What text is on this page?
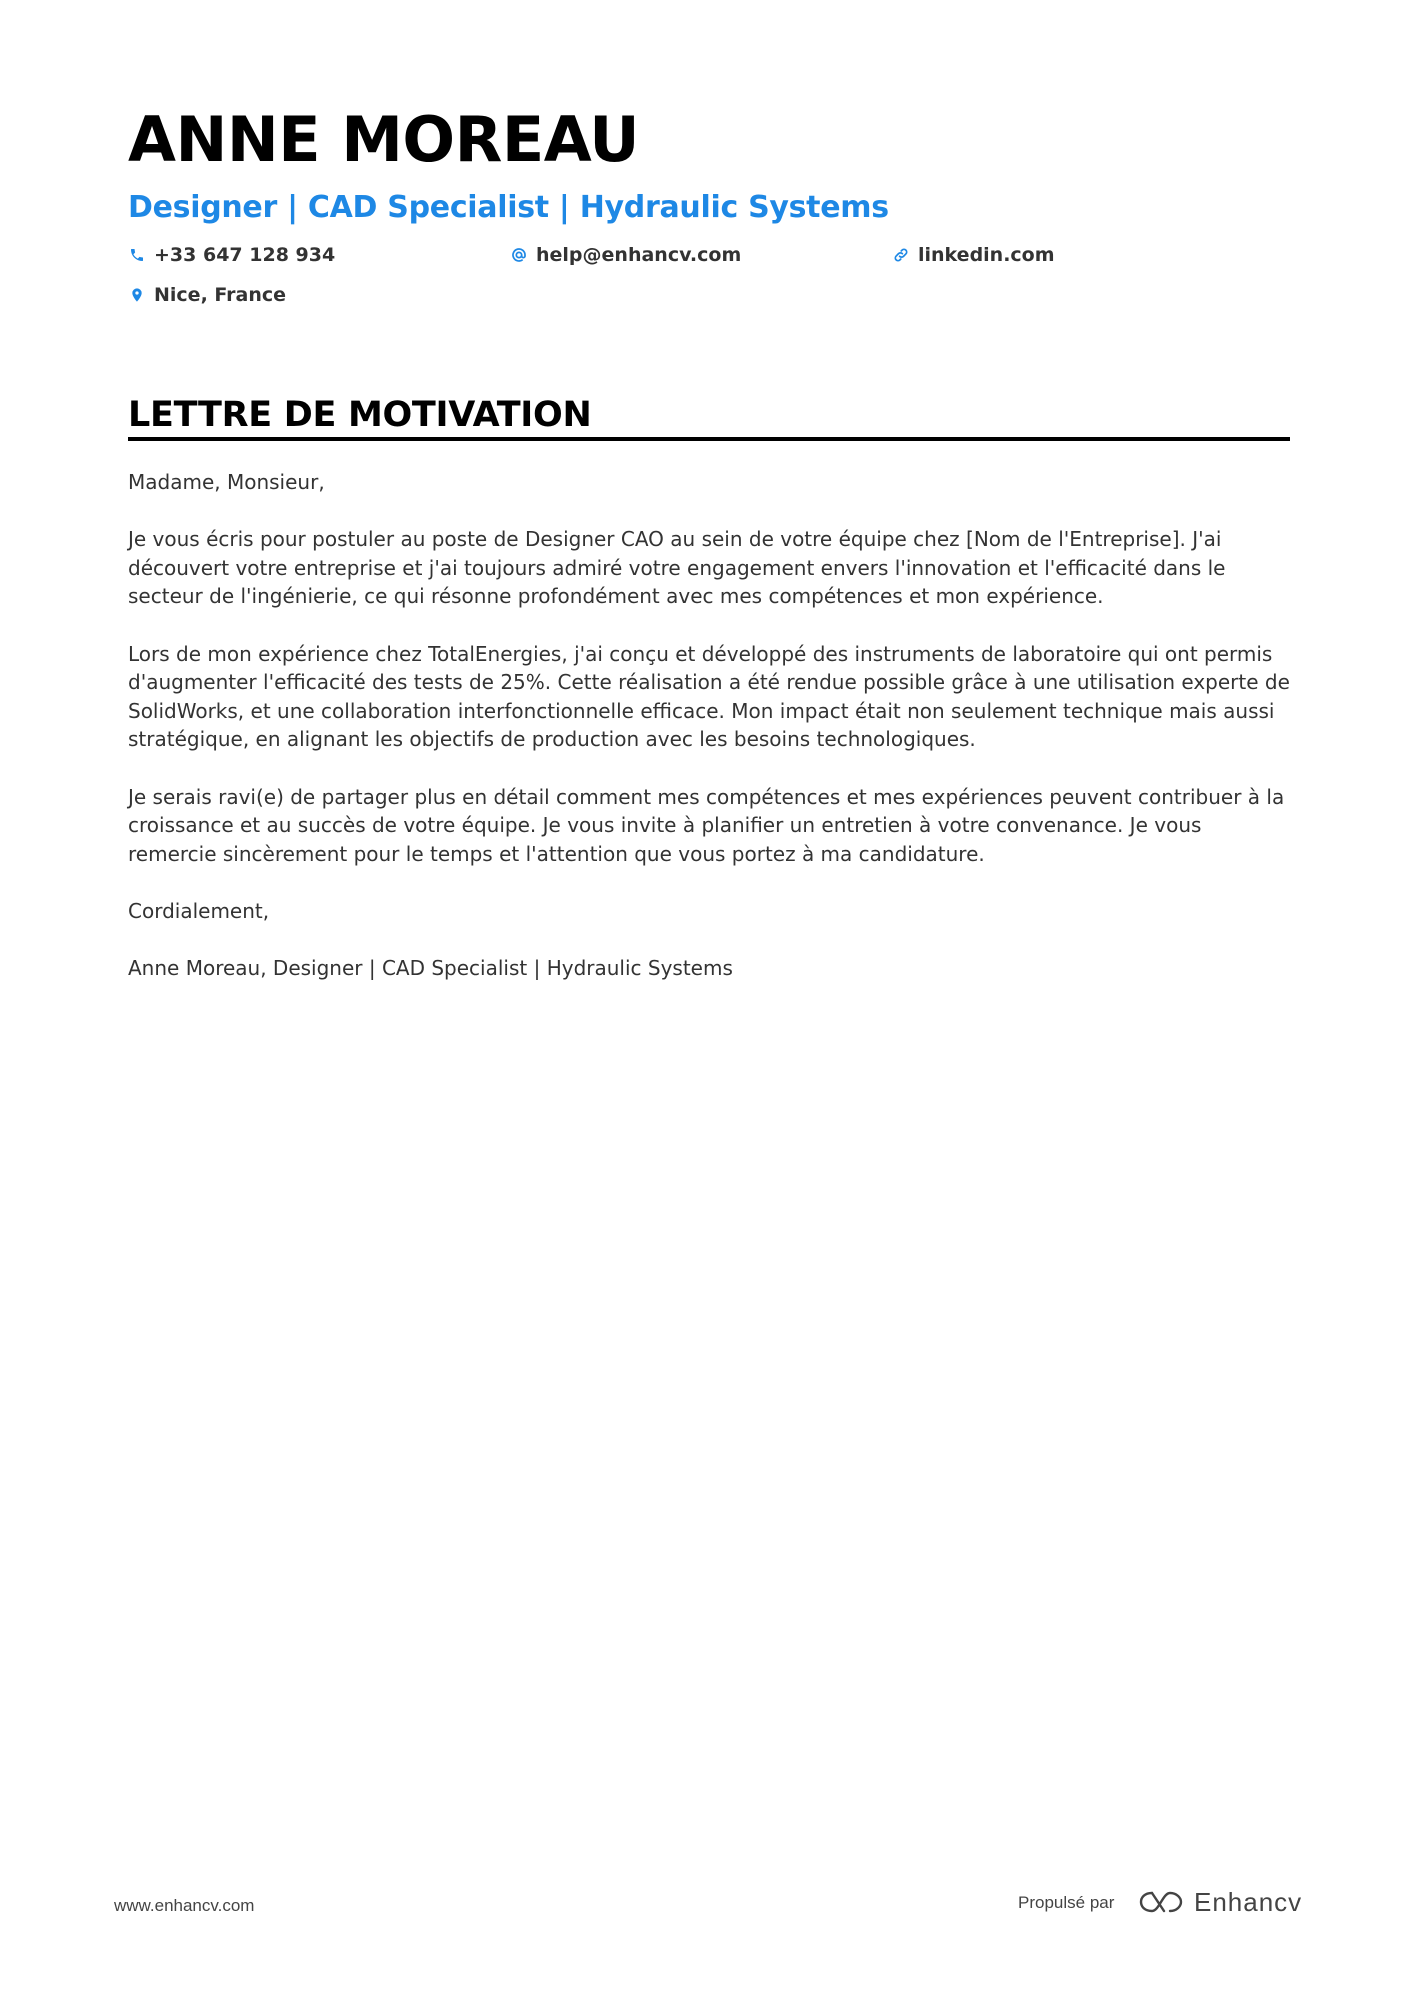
ANNE MOREAU
Designer | CAD Specialist | Hydraulic Systems
+33 647 128 934	help@enhancv.com	linkedin.com
Nice, France
LETTRE DE MOTIVATION

Madame, Monsieur,

Je vous écris pour postuler au poste de Designer CAO au sein de votre équipe chez [Nom de l'Entreprise]. J'ai découvert votre entreprise et j'ai toujours admiré votre engagement envers l'innovation et l'efficacité dans le secteur de l'ingénierie, ce qui résonne profondément avec mes compétences et mon expérience.

Lors de mon expérience chez TotalEnergies, j'ai conçu et développé des instruments de laboratoire qui ont permis d'augmenter l'efficacité des tests de 25%. Cette réalisation a été rendue possible grâce à une utilisation experte de SolidWorks, et une collaboration interfonctionnelle efficace. Mon impact était non seulement technique mais aussi stratégique, en alignant les objectifs de production avec les besoins technologiques.

Je serais ravi(e) de partager plus en détail comment mes compétences et mes expériences peuvent contribuer à la croissance et au succès de votre équipe. Je vous invite à planifier un entretien à votre convenance. Je vous remercie sincèrement pour le temps et l'attention que vous portez à ma candidature.

Cordialement,

Anne Moreau, Designer | CAD Specialist | Hydraulic Systems

www.enhancv.com	Propulsé par	Enhancv
